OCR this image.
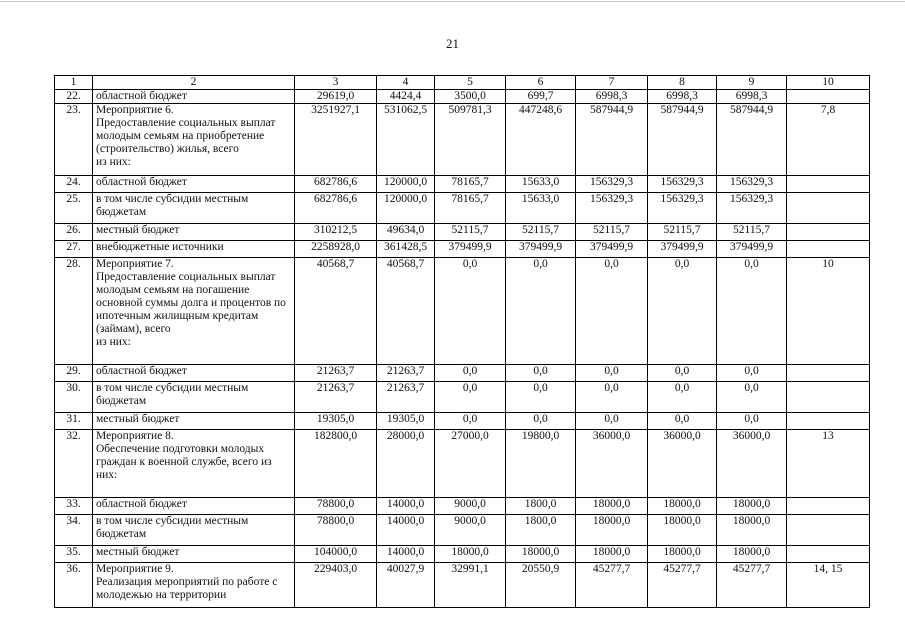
21
1	2	3	4	5	6	7	8	9	10
22.	областной бюджет	29619,0	4424,4	3500,0	699,7	6998,3	6998,3	6998,3	
23.	Мероприятие 6.
Предоставление социальных выплат молодым семьям на приобретение (строительство) жилья, всего
из них:	3251927,1	531062,5	509781,3	447248,6	587944,9	587944,9	587944,9	7,8
24.	областной бюджет	682786,6	120000,0	78165,7	15633,0	156329,3	156329,3	156329,3	
25.	в том числе субсидии местным бюджетам	682786,6	120000,0	78165,7	15633,0	156329,3	156329,3	156329,3	
26.	местный бюджет	310212,5	49634,0	52115,7	52115,7	52115,7	52115,7	52115,7	
27.	внебюджетные источники	2258928,0	361428,5	379499,9	379499,9	379499,9	379499,9	379499,9	
28.	Мероприятие 7.
Предоставление социальных выплат молодым семьям на погашение основной суммы долга и процентов по ипотечным жилищным кредитам (займам), всего
из них:	40568,7	40568,7	0,0	0,0	0,0	0,0	0,0	10
29.	областной бюджет	21263,7	21263,7	0,0	0,0	0,0	0,0	0,0	
30.	в том числе субсидии местным бюджетам	21263,7	21263,7	0,0	0,0	0,0	0,0	0,0	
31.	местный бюджет	19305,0	19305,0	0,0	0,0	0,0	0,0	0,0	
32.	Мероприятие 8.
Обеспечение подготовки молодых граждан к военной службе, всего из них:	182800,0	28000,0	27000,0	19800,0	36000,0	36000,0	36000,0	13
33.	областной бюджет	78800,0	14000,0	9000,0	1800,0	18000,0	18000,0	18000,0	
34.	в том числе субсидии местным бюджетам	78800,0	14000,0	9000,0	1800,0	18000,0	18000,0	18000,0	
35.	местный бюджет	104000,0	14000,0	18000,0	18000,0	18000,0	18000,0	18000,0	
36.	Мероприятие 9.
Реализация мероприятий по работе с молодежью на территории	229403,0	40027,9	32991,1	20550,9	45277,7	45277,7	45277,7	14, 15
